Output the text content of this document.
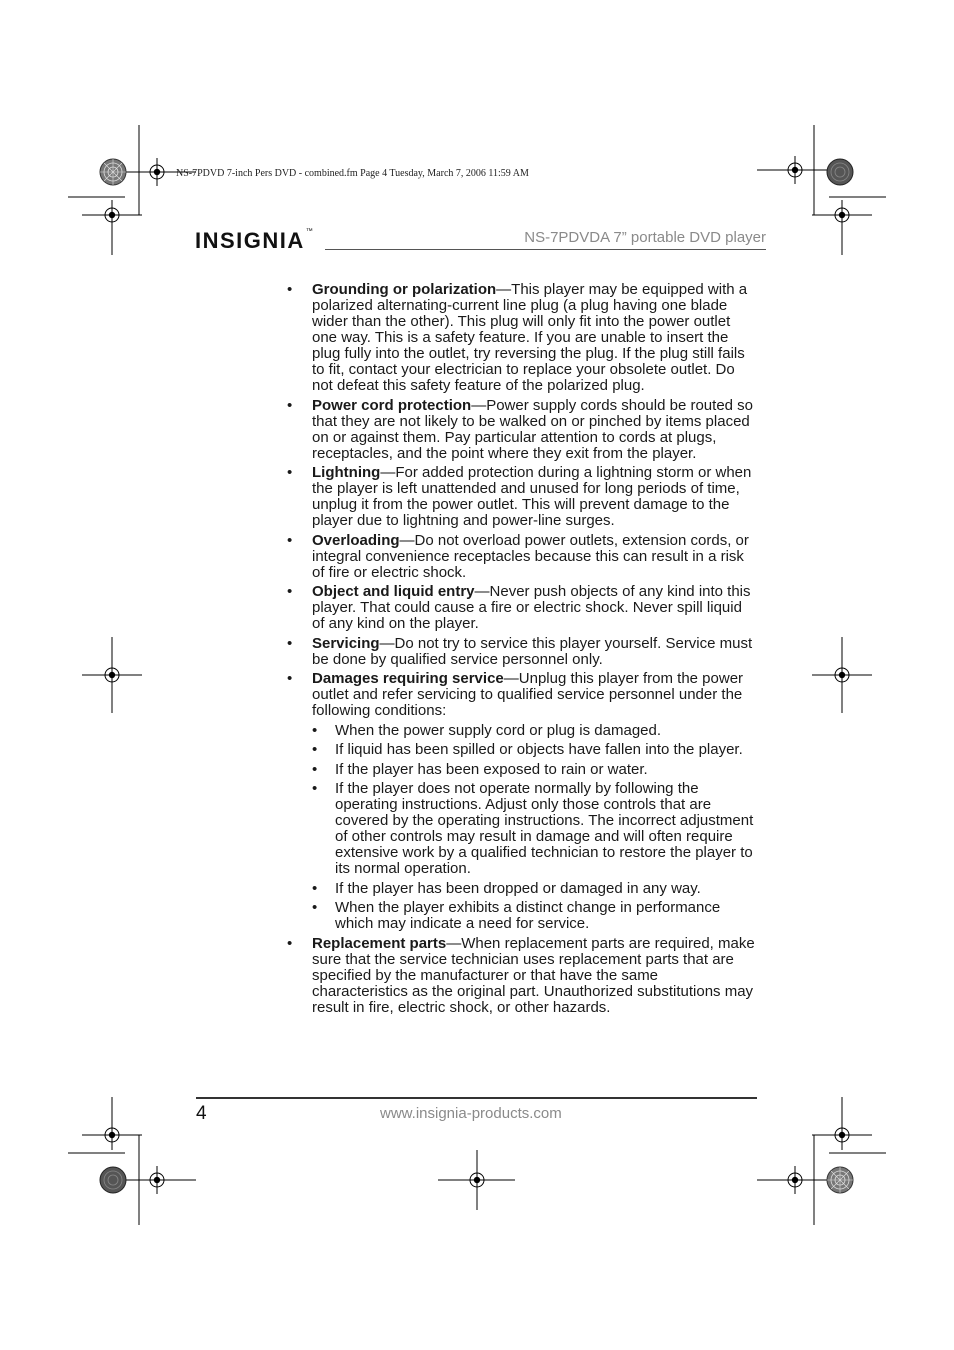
NS-7PDVD 7-inch Pers DVD - combined.fm Page 4 Tuesday, March 7, 2006 11:59 AM
INSIGNIA™	NS-7PDVDA 7” portable DVD player
• Grounding or polarization—This player may be equipped with a polarized alternating-current line plug (a plug having one blade wider than the other). This plug will only fit into the power outlet one way. This is a safety feature. If you are unable to insert the plug fully into the outlet, try reversing the plug. If the plug still fails to fit, contact your electrician to replace your obsolete outlet. Do not defeat this safety feature of the polarized plug.
• Power cord protection—Power supply cords should be routed so that they are not likely to be walked on or pinched by items placed on or against them. Pay particular attention to cords at plugs, receptacles, and the point where they exit from the player.
• Lightning—For added protection during a lightning storm or when the player is left unattended and unused for long periods of time, unplug it from the power outlet. This will prevent damage to the player due to lightning and power-line surges.
• Overloading—Do not overload power outlets, extension cords, or integral convenience receptacles because this can result in a risk of fire or electric shock.
• Object and liquid entry—Never push objects of any kind into this player. That could cause a fire or electric shock. Never spill liquid of any kind on the player.
• Servicing—Do not try to service this player yourself. Service must be done by qualified service personnel only.
• Damages requiring service—Unplug this player from the power outlet and refer servicing to qualified service personnel under the following conditions:
• When the power supply cord or plug is damaged.
• If liquid has been spilled or objects have fallen into the player.
• If the player has been exposed to rain or water.
• If the player does not operate normally by following the operating instructions. Adjust only those controls that are covered by the operating instructions. The incorrect adjustment of other controls may result in damage and will often require extensive work by a qualified technician to restore the player to its normal operation.
• If the player has been dropped or damaged in any way.
• When the player exhibits a distinct change in performance which may indicate a need for service.
• Replacement parts—When replacement parts are required, make sure that the service technician uses replacement parts that are specified by the manufacturer or that have the same characteristics as the original part. Unauthorized substitutions may result in fire, electric shock, or other hazards.
4	www.insignia-products.com
